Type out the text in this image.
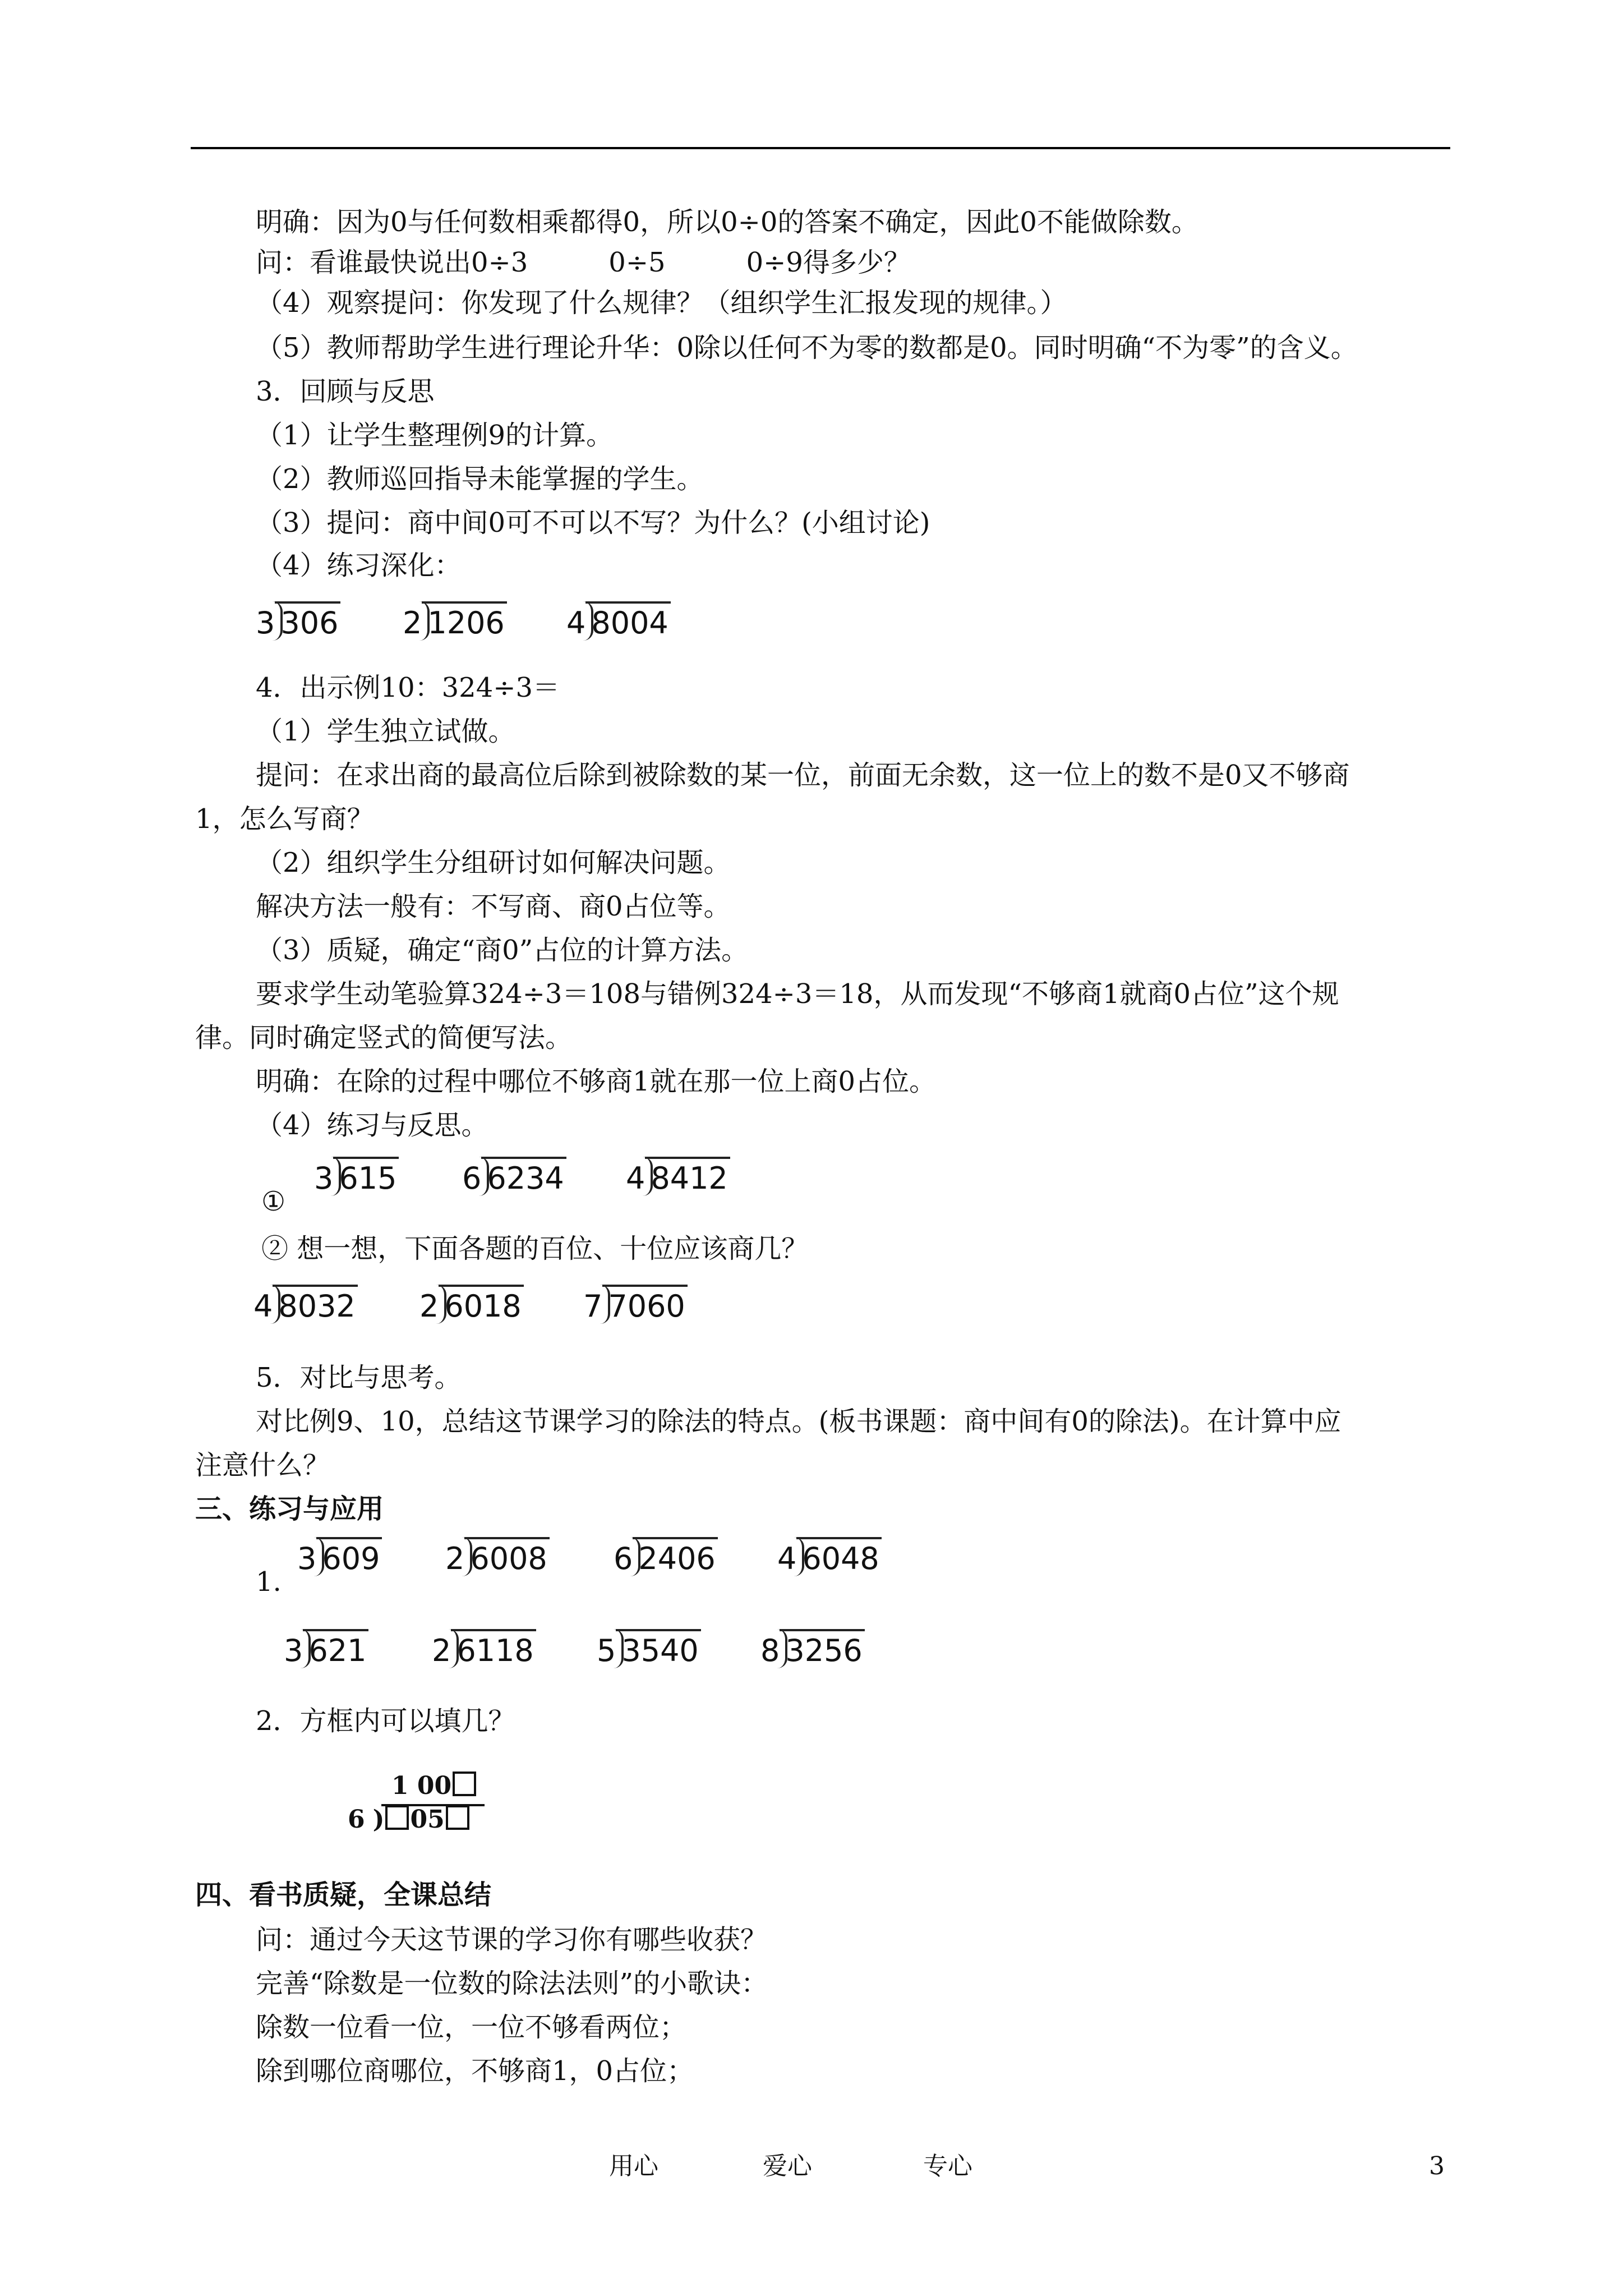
明确：因为0与任何数相乘都得0，所以0÷0的答案不确定，因此0不能做除数。
问：看谁最快说出0÷3　　　0÷5　　　0÷9得多少？
（4）观察提问：你发现了什么规律？（组织学生汇报发现的规律。）
（5）教师帮助学生进行理论升华：0除以任何不为零的数都是0。同时明确“不为零”的含义。
3．回顾与反思
（1）让学生整理例9的计算。
（2）教师巡回指导未能掌握的学生。
（3）提问：商中间0可不可以不写？为什么？(小组讨论)
（4）练习深化：
3 306 2 1206 4 8004
4．出示例10：324÷3＝
（1）学生独立试做。
提问：在求出商的最高位后除到被除数的某一位，前面无余数，这一位上的数不是0又不够商
1，怎么写商？
（2）组织学生分组研讨如何解决问题。
解决方法一般有：不写商、商0占位等。
（3）质疑，确定“商0”占位的计算方法。
要求学生动笔验算324÷3＝108与错例324÷3＝18，从而发现“不够商1就商0占位”这个规
律。同时确定竖式的简便写法。
明确：在除的过程中哪位不够商1就在那一位上商0占位。
（4）练习与反思。
①
3 615 6 6234 4 8412
② 想一想，下面各题的百位、十位应该商几？
4 8032 2 6018 7 7060
5．对比与思考。
对比例9、10，总结这节课学习的除法的特点。(板书课题：商中间有0的除法)。在计算中应
注意什么？
三、练习与应用
1.
3 609 2 6008 6 2406 4 6048
3 621 2 6118 5 3540 8 3256
2．方框内可以填几？
1 00
6 ) 05
四、看书质疑，全课总结
问：通过今天这节课的学习你有哪些收获？
完善“除数是一位数的除法法则”的小歌诀：
除数一位看一位，一位不够看两位；
除到哪位商哪位，不够商1，0占位；
用心	爱心	专心	3
